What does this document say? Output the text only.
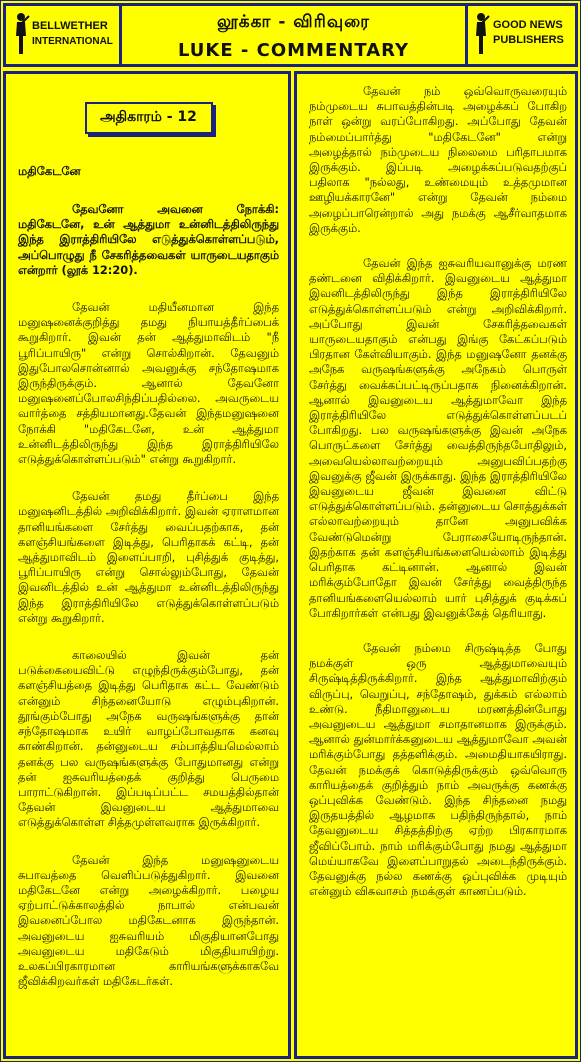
BELLWETHER
INTERNATIONAL
லூக்கா - விரிவுரை
LUKE - COMMENTARY
GOOD NEWS
PUBLISHERS
அதிகாரம் - 12
மதிகேடனே

தேவனோ அவனை நோக்கி: மதிகேடனே, உன் ஆத்துமா உன்னிடத்திலிருந்து இந்த இராத்திரியிலே எடுத்துக்கொள்ளப்படும், அப்பொழுது நீ சேகரித்தவைகள் யாருடையதாகும் என்றார் (லூக் 12:20).

தேவன் மதியீனமான இந்த மனுஷனைக்குறித்து தமது நியாயத்தீர்ப்பைக் கூறுகிறார். இவன் தன் ஆத்துமாவிடம் "நீ பூரிப்பாயிரு" என்று சொல்கிறான். தேவனும் இதுபோலசொன்னால் அவனுக்கு சந்தோஷமாக இருந்திருக்கும். ஆனால் தேவனோ மனுஷனைப்போலசிந்திப்பதில்லை. அவருடைய வார்த்தை சத்தியமானது.தேவன் இந்தமனுஷனை நோக்கி "மதிகேடனே, உன் ஆத்துமா உன்னிடத்திலிருந்து இந்த இராத்திரியிலே எடுத்துக்கொள்ளப்படும்" என்று கூறுகிறார்.

தேவன் தமது தீர்ப்பை இந்த மனுஷனிடத்தில் அறிவிக்கிறார். இவன் ஏராளமான தானியங்களை சேர்த்து வைப்பதற்காக, தன் களஞ்சியங்களை இடித்து, பெரிதாகக் கட்டி, தன் ஆத்துமாவிடம் இளைப்பாறி, புசித்துக் குடித்து, பூரிப்பாயிரு என்று சொல்லும்போது, தேவன் இவனிடத்தில் உன் ஆத்துமா உன்னிடத்திலிருந்து இந்த இராத்திரியிலே எடுத்துக்கொள்ளப்படும் என்று கூறுகிறார்.

காலையில் இவன் தன் படுக்கையைவிட்டு எழுந்திருக்கும்போது, தன் களஞ்சியத்தை இடித்து பெரிதாக கட்ட வேண்டும் என்னும் சிந்தனையோடு எழும்புகிறான். தூங்கும்போது அநேக வருஷங்களுக்கு தான் சந்தோஷமாக உயிர் வாழப்போவதாக கனவு காண்கிறான். தன்னுடைய சம்பாத்தியமெல்லாம் தனக்கு பல வருஷங்களுக்கு போதுமானது என்று தன் ஐசுவரியத்தைக் குறித்து பெருமை பாராட்டுகிறான். இப்படிப்பட்ட சமயத்தில்தான் தேவன் இவனுடைய ஆத்துமாவை எடுத்துக்கொள்ள சித்தமுள்ளவராக இருக்கிறார்.

தேவன் இந்த மனுஷனுடைய சுபாவத்தை வெளிப்படுத்துகிறார். இவனை மதிகேடனே என்று அழைக்கிறார். பழைய ஏற்பாட்டுக்காலத்தில் நாபால் என்பவன் இவனைப்போல மதிகேடனாக இருந்தான். அவனுடைய ஐசுவரியம் மிகுதியானபோது அவனுடைய மதிகேடும் மிகுதியாயிற்று. உலகப்பிரகாரமான காரியங்களுக்காகவே ஜீவிக்கிறவர்கள் மதிகேடர்கள்.

தேவன் நம் ஒவ்வொருவரையும் நம்முடைய சுபாவத்தின்படி அழைக்கப் போகிற நாள் ஒன்று வரப்போகிறது. அப்போது தேவன் நம்மைப்பார்த்து "மதிகேடனே" என்று அழைத்தால் நம்முடைய நிலைமை பரிதாபமாக இருக்கும். இப்படி அழைக்கப்படுவதற்குப் பதிலாக "நல்லது, உண்மையும் உத்தமுமான ஊழியக்காரனே" என்று தேவன் நம்மை அழைப்பாரென்றால் அது நமக்கு ஆசீர்வாதமாக இருக்கும்.

தேவன் இந்த ஐசுவரியவானுக்கு மரண தண்டனை விதிக்கிறார். இவனுடைய ஆத்துமா இவனிடத்திலிருந்து இந்த இராத்திரியிலே எடுத்துக்கொள்ளப்படும் என்று அறிவிக்கிறார். அப்போது இவன் சேகரித்தவைகள் யாருடையதாகும் என்பது இங்கு கேட்கப்படும் பிரதான கேள்வியாகும். இந்த மனுஷனோ தனக்கு அநேக வருஷங்களுக்கு அநேகம் பொருள் சேர்த்து வைக்கப்பட்டிருப்பதாக நினைக்கிறான். ஆனால் இவனுடைய ஆத்துமாவோ இந்த இராத்திரியிலே எடுத்துக்கொள்ளப்படப் போகிறது. பல வருஷங்களுக்கு இவன் அநேக பொருட்களை சேர்த்து வைத்திருந்தபோதிலும், அவையெல்லாவற்றையும் அனுபவிப்பதற்கு இவனுக்கு ஜீவன் இருக்காது. இந்த இராத்திரியிலே இவனுடைய ஜீவன் இவனை விட்டு எடுத்துக்கொள்ளப்படும். தன்னுடைய சொத்துக்கள் எல்லாவற்றையும் தானே அனுபவிக்க வேண்டுமென்று பேராசையோடிருந்தான். இதற்காக தன் களஞ்சியங்களையெல்லாம் இடித்து பெரிதாக கட்டினான். ஆனால் இவன் மரிக்கும்போதோ இவன் சேர்த்து வைத்திருந்த தானியங்களையெல்லாம் யார் புசித்துக் குடிக்கப் போகிறார்கள் என்பது இவனுக்கேத் தெரியாது.

தேவன் நம்மை சிருஷ்டித்த போது நமக்குள் ஒரு ஆத்துமாவையும் சிருஷ்டித்திருக்கிறார். இந்த ஆத்துமாவிற்கும் விருப்பு, வெறுப்பு, சந்தோஷம், துக்கம் எல்லாம் உண்டு. நீதிமானுடைய மரணத்தின்போது அவனுடைய ஆத்துமா சமாதானமாக இருக்கும். ஆனால் துன்மார்க்கனுடைய ஆத்துமாவோ அவன் மரிக்கும்போது தத்தளிக்கும். அமைதியாகயிராது. தேவன் நமக்குக் கொடுத்திருக்கும் ஒவ்வொரு காரியத்தைக் குறித்தும் நாம் அவருக்கு கணக்கு ஒப்புவிக்க வேண்டும். இந்த சிந்தனை நமது இருதயத்தில் ஆழமாக பதிந்திருந்தால், நாம் தேவனுடைய சித்தத்திற்கு ஏற்ற பிரகாரமாக ஜீவிப்போம். நாம் மரிக்கும்போது நமது ஆத்துமா மெய்யாகவே இளைப்பாறுதல் அடைந்திருக்கும். தேவனுக்கு நல்ல கணக்கு ஒப்புவிக்க முடியும் என்னும் விசுவாசம் நமக்குள் காணப்படும்.
